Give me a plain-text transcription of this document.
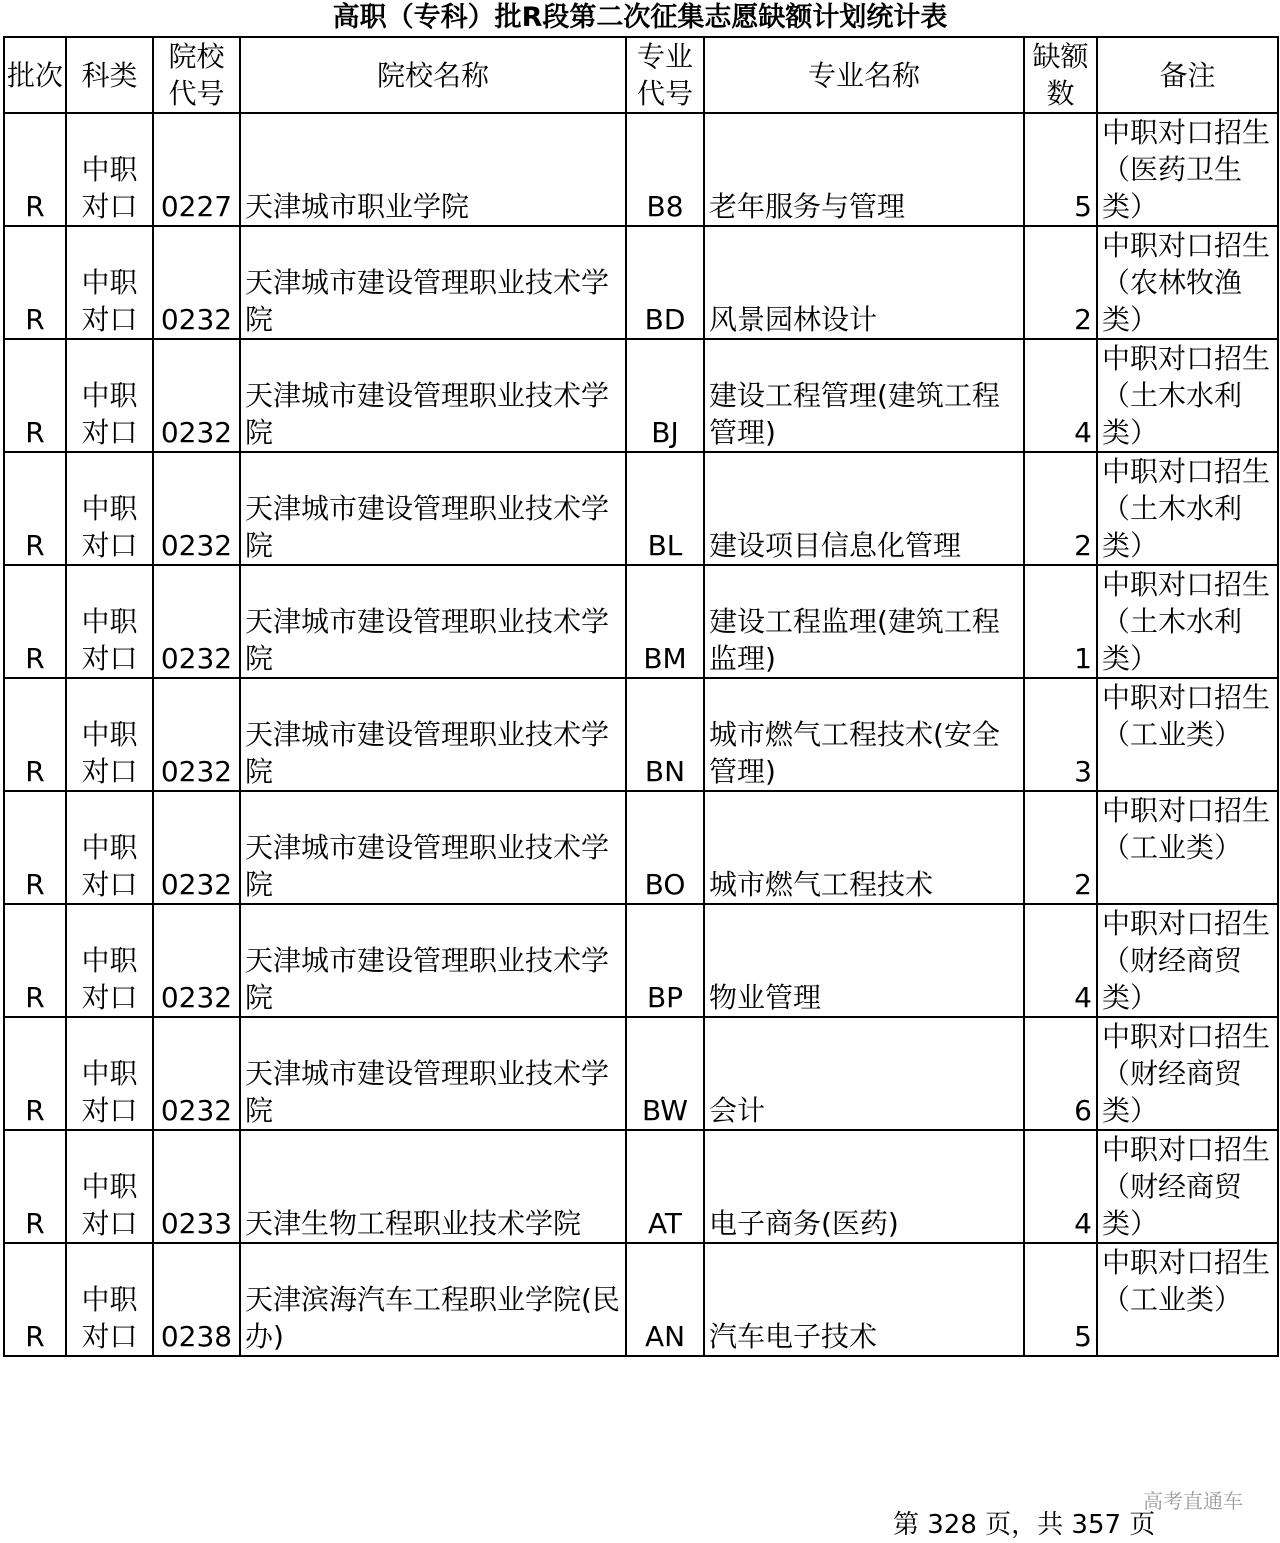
高职（专科）批R段第二次征集志愿缺额计划统计表
批次	科类	院校代号	院校名称	专业代号	专业名称	缺额数	备注
R	中职对口	0227	天津城市职业学院	B8	老年服务与管理	5	中职对口招生（医药卫生类）
R	中职对口	0232	天津城市建设管理职业技术学院	BD	风景园林设计	2	中职对口招生（农林牧渔类）
R	中职对口	0232	天津城市建设管理职业技术学院	BJ	建设工程管理(建筑工程管理)	4	中职对口招生（土木水利类）
R	中职对口	0232	天津城市建设管理职业技术学院	BL	建设项目信息化管理	2	中职对口招生（土木水利类）
R	中职对口	0232	天津城市建设管理职业技术学院	BM	建设工程监理(建筑工程监理)	1	中职对口招生（土木水利类）
R	中职对口	0232	天津城市建设管理职业技术学院	BN	城市燃气工程技术(安全管理)	3	中职对口招生（工业类）
R	中职对口	0232	天津城市建设管理职业技术学院	BO	城市燃气工程技术	2	中职对口招生（工业类）
R	中职对口	0232	天津城市建设管理职业技术学院	BP	物业管理	4	中职对口招生（财经商贸类）
R	中职对口	0232	天津城市建设管理职业技术学院	BW	会计	6	中职对口招生（财经商贸类）
R	中职对口	0233	天津生物工程职业技术学院	AT	电子商务(医药)	4	中职对口招生（财经商贸类）
R	中职对口	0238	天津滨海汽车工程职业学院(民办)	AN	汽车电子技术	5	中职对口招生（工业类）
高考直通车
第 328 页，共 357 页
